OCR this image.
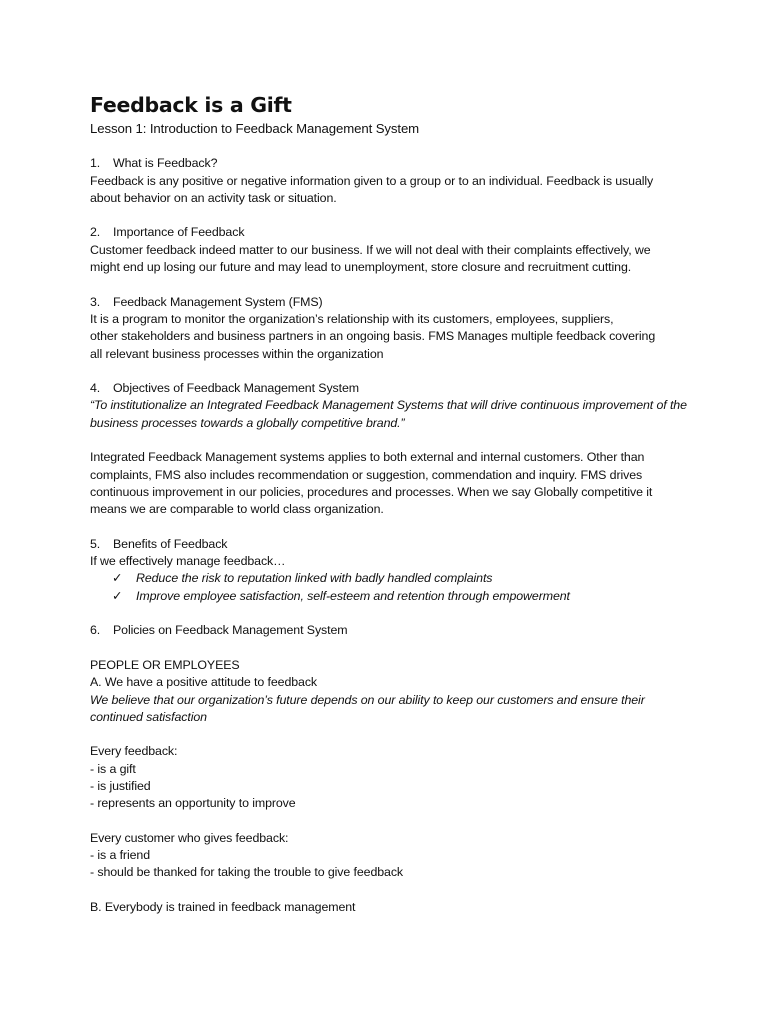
Feedback is a Gift

Lesson 1: Introduction to Feedback Management System

1.	What is Feedback?

Feedback is any positive or negative information given to a group or to an individual. Feedback is usually about behavior on an activity task or situation.

2.	Importance of Feedback

Customer feedback indeed matter to our business. If we will not deal with their complaints effectively, we might end up losing our future and may lead to unemployment, store closure and recruitment cutting.

3.	Feedback Management System (FMS)

It is a program to monitor the organization’s relationship with its customers, employees, suppliers,

other stakeholders and business partners in an ongoing basis. FMS Manages multiple feedback covering

all relevant business processes within the organization

4.	Objectives of Feedback Management System

“To institutionalize an Integrated Feedback Management Systems that will drive continuous improvement of the business processes towards a globally competitive brand.”

Integrated Feedback Management systems applies to both external and internal customers. Other than complaints, FMS also includes recommendation or suggestion, commendation and inquiry. FMS drives continuous improvement in our policies, procedures and processes. When we say Globally competitive it means we are comparable to world class organization.

5.	Benefits of Feedback

If we effectively manage feedback…

✓	Reduce the risk to reputation linked with badly handled complaints
✓	Improve employee satisfaction, self-esteem and retention through empowerment
6.	Policies on Feedback Management System

PEOPLE OR EMPLOYEES

A. We have a positive attitude to feedback

We believe that our organization’s future depends on our ability to keep our customers and ensure their continued satisfaction

Every feedback:

- is a gift

- is justified

- represents an opportunity to improve

Every customer who gives feedback:

- is a friend

- should be thanked for taking the trouble to give feedback

B. Everybody is trained in feedback management
